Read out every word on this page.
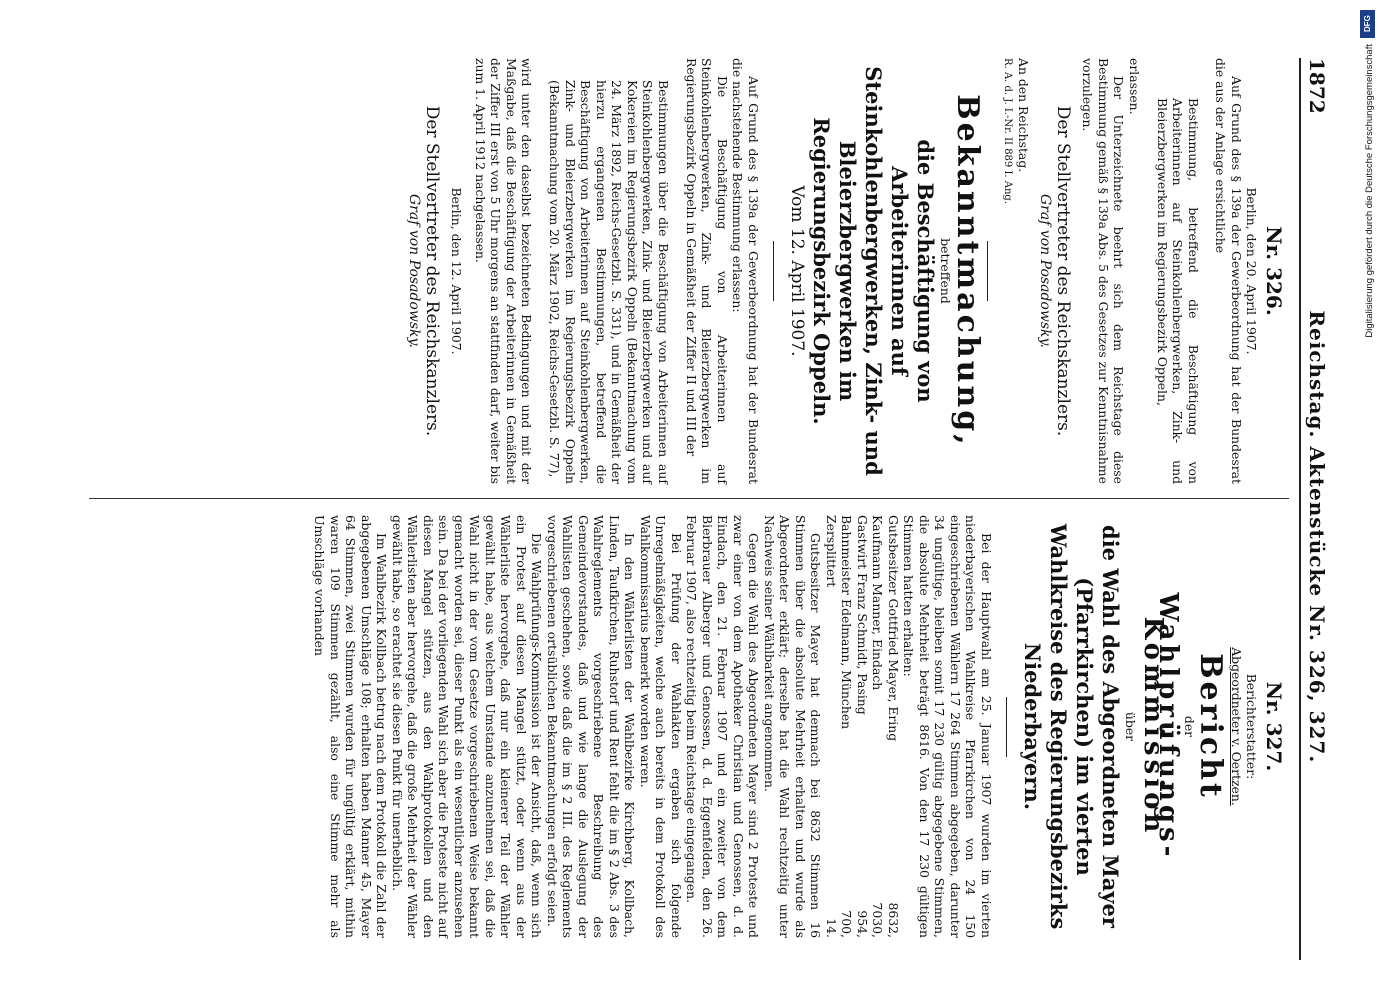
1872
Reichstag. Aktenstücke Nr. 326, 327.
Nr. 326.
Berlin, den 20. April 1907.

Auf Grund des § 139a der Gewerbeordnung hat der Bundesrat die aus der Anlage ersichtliche

Bestimmung, betreffend die Beschäftigung von Arbeiterinnen auf Steinkohlenbergwerken, Zink- und Bleierzbergwerken im Regierungsbezirk Oppeln,

erlassen.

Der Unterzeichnete beehrt sich dem Reichstage diese Bestimmung gemäß § 139a Abs. 5 des Gesetzes zur Kenntnisnahme vorzulegen.

Der Stellvertreter des Reichskanzlers.
Graf von Posadowsky.
An den Reichstag.
R. A. d. J. I.-Nr. II 889 I. Ang.
Bekanntmachung,
betreffend
die Beschäftigung von Arbeiterinnen auf Steinkohlenbergwerken, Zink- und Bleierzbergwerken im Regierungsbezirk Oppeln.
Vom 12. April 1907.

Auf Grund des § 139a der Gewerbeordnung hat der Bundesrat die nachstehende Bestimmung erlassen:

Die Beschäftigung von Arbeiterinnen auf Steinkohlenbergwerken, Zink- und Bleierzbergwerken im Regierungsbezirk Oppeln in Gemäßheit der Ziffer II und III der

Bestimmungen über die Beschäftigung von Arbeiterinnen auf Steinkohlenbergwerken, Zink- und Bleierzbergwerken und auf Kokereien im Regierungsbezirk Oppeln (Bekanntmachung vom 24. März 1892, Reichs-Gesetzbl. S. 331), und in Gemäßheit der hierzu ergangenen Bestimmungen, betreffend die Beschäftigung von Arbeiterinnen auf Steinkohlenbergwerken, Zink- und Bleierzbergwerken im Regierungsbezirk Oppeln (Bekanntmachung vom 20. März 1902, Reichs-Gesetzbl. S. 77),

wird unter den daselbst bezeichneten Bedingungen und mit der Maßgabe, daß die Beschäftigung der Arbeiterinnen in Gemäßheit der Ziffer III erst von 5 Uhr morgens an stattfinden darf, weiter bis zum 1. April 1912 nachgelassen.

Berlin, den 12. April 1907.
Der Stellvertreter des Reichskanzlers.
Graf von Posadowsky.
Nr. 327.
Berichterstatter:
Abgeordneter v. Oertzen.
Bericht
der
Wahlprüfungs-Kommission
über
die Wahl des Abgeordneten Mayer (Pfarrkirchen) im vierten Wahlkreise des Regierungsbezirks Niederbayern.

Bei der Hauptwahl am 25. Januar 1907 wurden im vierten niederbayerischen Wahlkreise Pfarrkirchen von 24 150 eingeschriebenen Wählern 17 264 Stimmen abgegeben, darunter 34 ungültige, bleiben somit 17 230 gültig abgegebene Stimmen, die absolute Mehrheit beträgt 8616. Von den 17 230 gültigen Stimmen hatten erhalten:

Gutsbesitzer Gottfried Mayer, Ering	8632,
Kaufmann Manner, Eindach	7030,
Gastwirt Franz Schmidt, Pasing	954,
Bahnmeister Edelmann, München	700,
Zersplittert	14.

Gutsbesitzer Mayer hat demnach bei 8632 Stimmen 16 Stimmen über die absolute Mehrheit erhalten und wurde als Abgeordneter erklärt; derselbe hat die Wahl rechtzeitig unter Nachweis seiner Wählbarkeit angenommen.

Gegen die Wahl des Abgeordneten Mayer sind 2 Proteste und zwar einer von dem Apotheker Christian und Genossen, d. d. Eindach, den 21. Februar 1907 und ein zweiter von dem Bierbrauer Alberger und Genossen, d. d. Eggenfelden, den 26. Februar 1907, also rechtzeitig beim Reichstage eingegangen.

Bei Prüfung der Wahlakten ergaben sich folgende Unregelmäßigkeiten, welche auch bereits in dem Protokoll des Wahlkommissarius bemerkt worden waren.

In den Wählerlisten der Wahlbezirke Kirchberg, Kollbach, Linden, Taufkirchen, Ruhstorf und Rent fehlt die im § 2 Abs. 3 des Wahlreglements vorgeschriebene Beschreibung des Gemeindevorstandes, daß und wie lange die Auslegung der Wahllisten geschehen, sowie daß die im § 2 III. des Reglements vorgeschriebenen ortsüblichen Bekanntmachungen erfolgt seien.

Die Wahlprüfungs-Kommission ist der Ansicht, daß, wenn sich ein Protest auf diesen Mangel stützt, oder wenn aus der Wählerliste hervorgehe, daß nur ein kleinerer Teil der Wähler gewählt habe, aus welchem Umstande anzunehmen sei, daß die Wahl nicht in der vom Gesetze vorgeschriebenen Weise bekannt gemacht worden sei, dieser Punkt als ein wesentlicher anzusehen sein. Da bei der vorliegenden Wahl sich aber die Proteste nicht auf diesen Mangel stützen, aus den Wahlprotokollen und den Wählerlisten aber hervorgehe, daß die große Mehrheit der Wähler gewählt habe, so erachtet sie diesen Punkt für unerheblich.

Im Wahlbezirk Kollbach betrug nach dem Protokoll die Zahl der abgegebenen Umschläge 108; erhalten haben Manner 45, Mayer 64 Stimmen, zwei Stimmen wurden für ungültig erklärt, mithin waren 109 Stimmen gezählt, also eine Stimme mehr als Umschläge vorhanden

DFG
Digitalisierung gefördert durch die Deutsche Forschungsgemeinschaft
